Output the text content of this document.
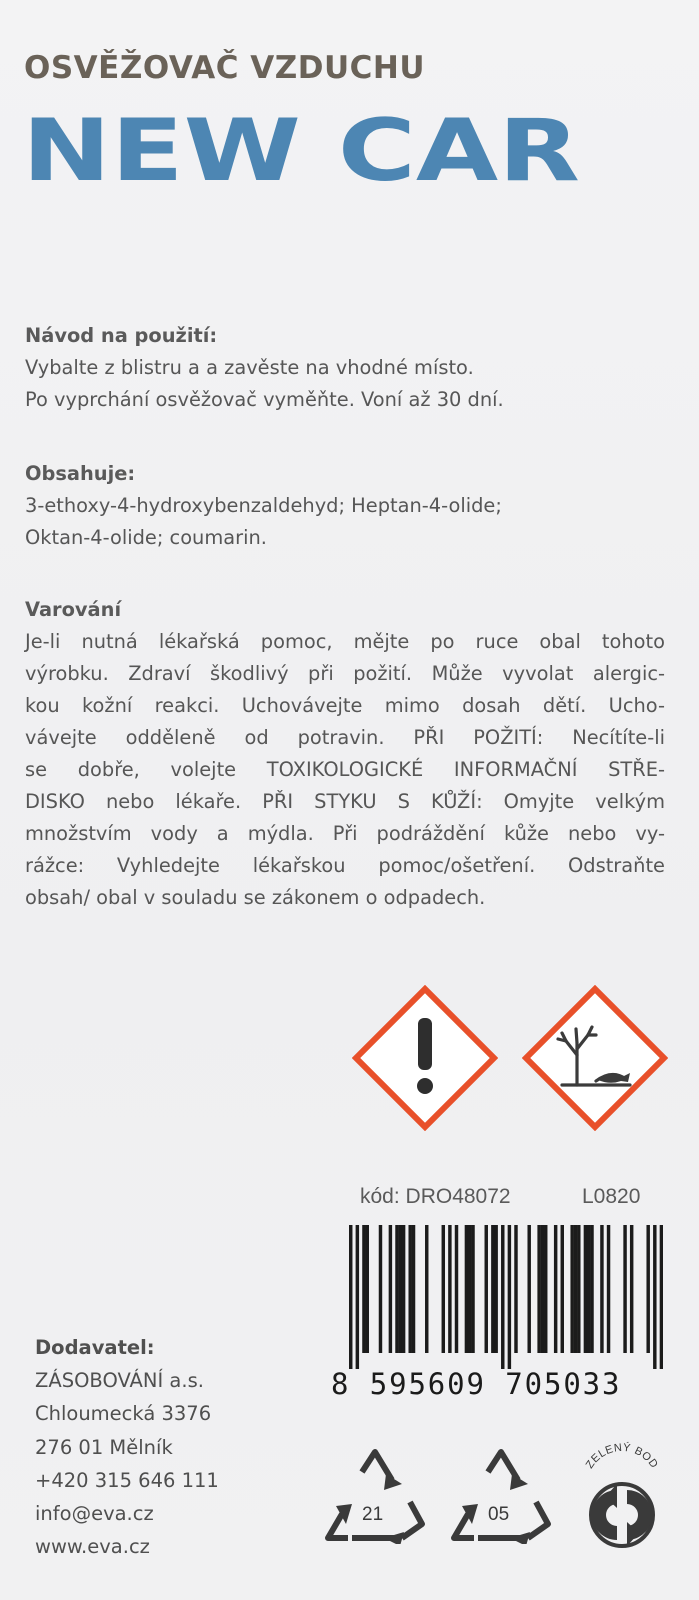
OSVĚŽOVAČ VZDUCHU
NEW CAR
Návod na použití:
Vybalte z blistru a a zavěste na vhodné místo.
Po vyprchání osvěžovač vyměňte. Voní až 30 dní.
Obsahuje:
3-ethoxy-4-hydroxybenzaldehyd; Heptan-4-olide;
Oktan-4-olide; coumarin.
Varování
Je-li nutná lékařská pomoc, mějte po ruce obal tohoto
výrobku. Zdraví škodlivý při požití. Může vyvolat alergic-
kou kožní reakci. Uchovávejte mimo dosah dětí. Ucho-
vávejte odděleně od potravin. PŘI POŽITÍ: Necítíte-li
se dobře, volejte TOXIKOLOGICKÉ INFORMAČNÍ STŘE-
DISKO nebo lékaře. PŘI STYKU S KŮŽÍ: Omyjte velkým
množstvím vody a mýdla. Při podráždění kůže nebo vy-
rážce: Vyhledejte lékařskou pomoc/ošetření. Odstraňte
obsah/ obal v souladu se zákonem o odpadech.
kód: DRO48072	L0820
8 595609 705033
Dodavatel:
ZÁSOBOVÁNÍ a.s.
Chloumecká 3376
276 01 Mělník
+420 315 646 111
info@eva.cz
www.eva.cz
21	05
ZELENÝ BOD
